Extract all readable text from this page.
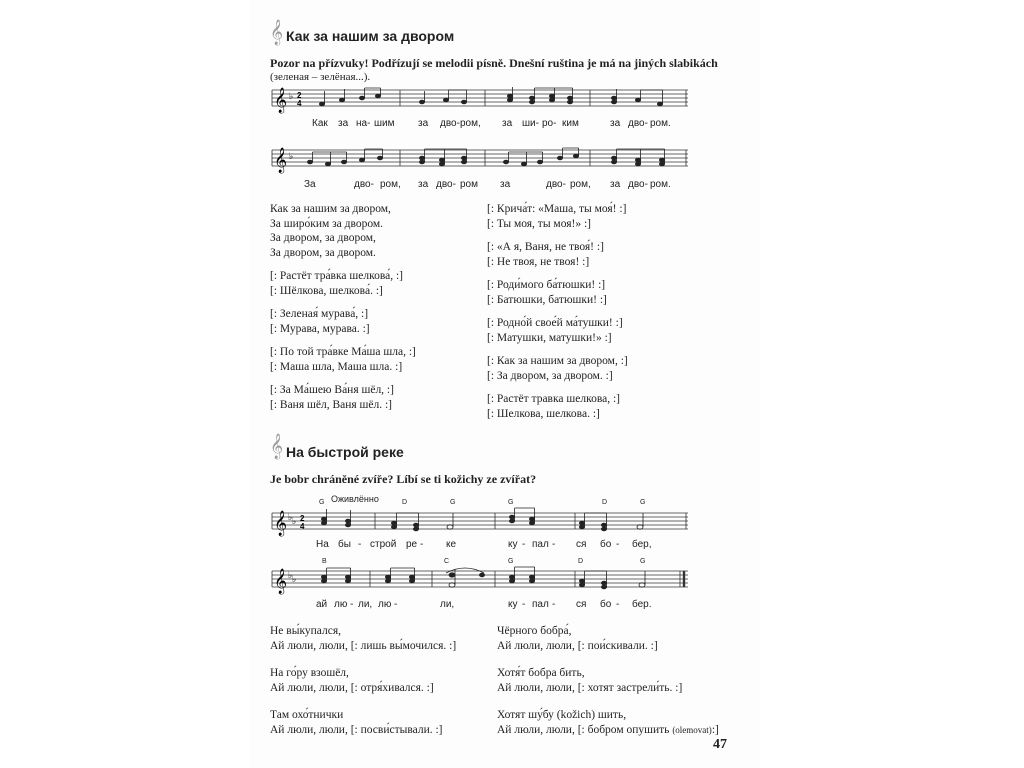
𝄞 Как за нашим за двором
Pozor na přízvuky! Podřízují se melodii písně. Dnešní ruština je má na jiných slabikách
(зеленая – зелёная...).
𝄞 ♭ 2
4
Как за на- шим за дво- ром, за ши- ро- ким	за дво- ром.
𝄞 ♭
За	дво- ром, за дво- ром за	дво- ром, за дво- ром.
Как за нашим за двором,
За широ́ким за двором.
За двором, за двором,
За двором, за двором.
[: Растёт тра́вка шелкова́, :]
[: Шёлкова, шелкова́. :]
[: Зеленая́ мурава́, :]
[: Мурава, мурава. :]
[: По той тра́вке Ма́ша шла, :]
[: Маша шла, Маша шла. :]
[: За Ма́шею Ва́ня шёл, :]
[: Ваня шёл, Ваня шёл. :]
[: Крича́т: «Маша, ты моя́! :]
[: Ты моя, ты моя!» :]
[: «А я, Ваня, не твоя́! :]
[: Не твоя, не твоя! :]
[: Роди́мого ба́тюшки! :]
[: Батюшки, батюшки! :]
[: Родно́й свое́й ма́тушки! :]
[: Матушки, матушки!» :]
[: Как за нашим за двором, :]
[: За двором, за двором. :]
[: Растёт травка шелкова, :]
[: Шелкова, шелкова. :]
𝄞 На быстрой реке
Je bobr chráněné zvíře? Líbí se ti kožichy ze zvířat?
Оживлённо
G	D	G	G	D	G
𝄞 ♭ ♭ 2
4
На бы - строй ре - ке	ку - пал - ся бо - бер,
B	C	G	D	G
𝄞 ♭ ♭
ай лю - ли, лю -	ли,	ку - пал - ся бо - бер.
Не вы́купался,
Ай люли, люли, [: лишь вы́мочился. :]
На го́ру взошёл,
Ай люли, люли, [: отря́хивался. :]
Там охо́тнички
Ай люли, люли, [: посви́стывали. :]
Чёрного бобра́,
Ай люли, люли, [: пои́скивали. :]
Хотя́т бобра бить,
Ай люли, люли, [: хотят застрели́ть. :]
Хотят шу́бу (kožich) шить,
Ай люли, люли, [: бобром опушить (olemovat):]
47
